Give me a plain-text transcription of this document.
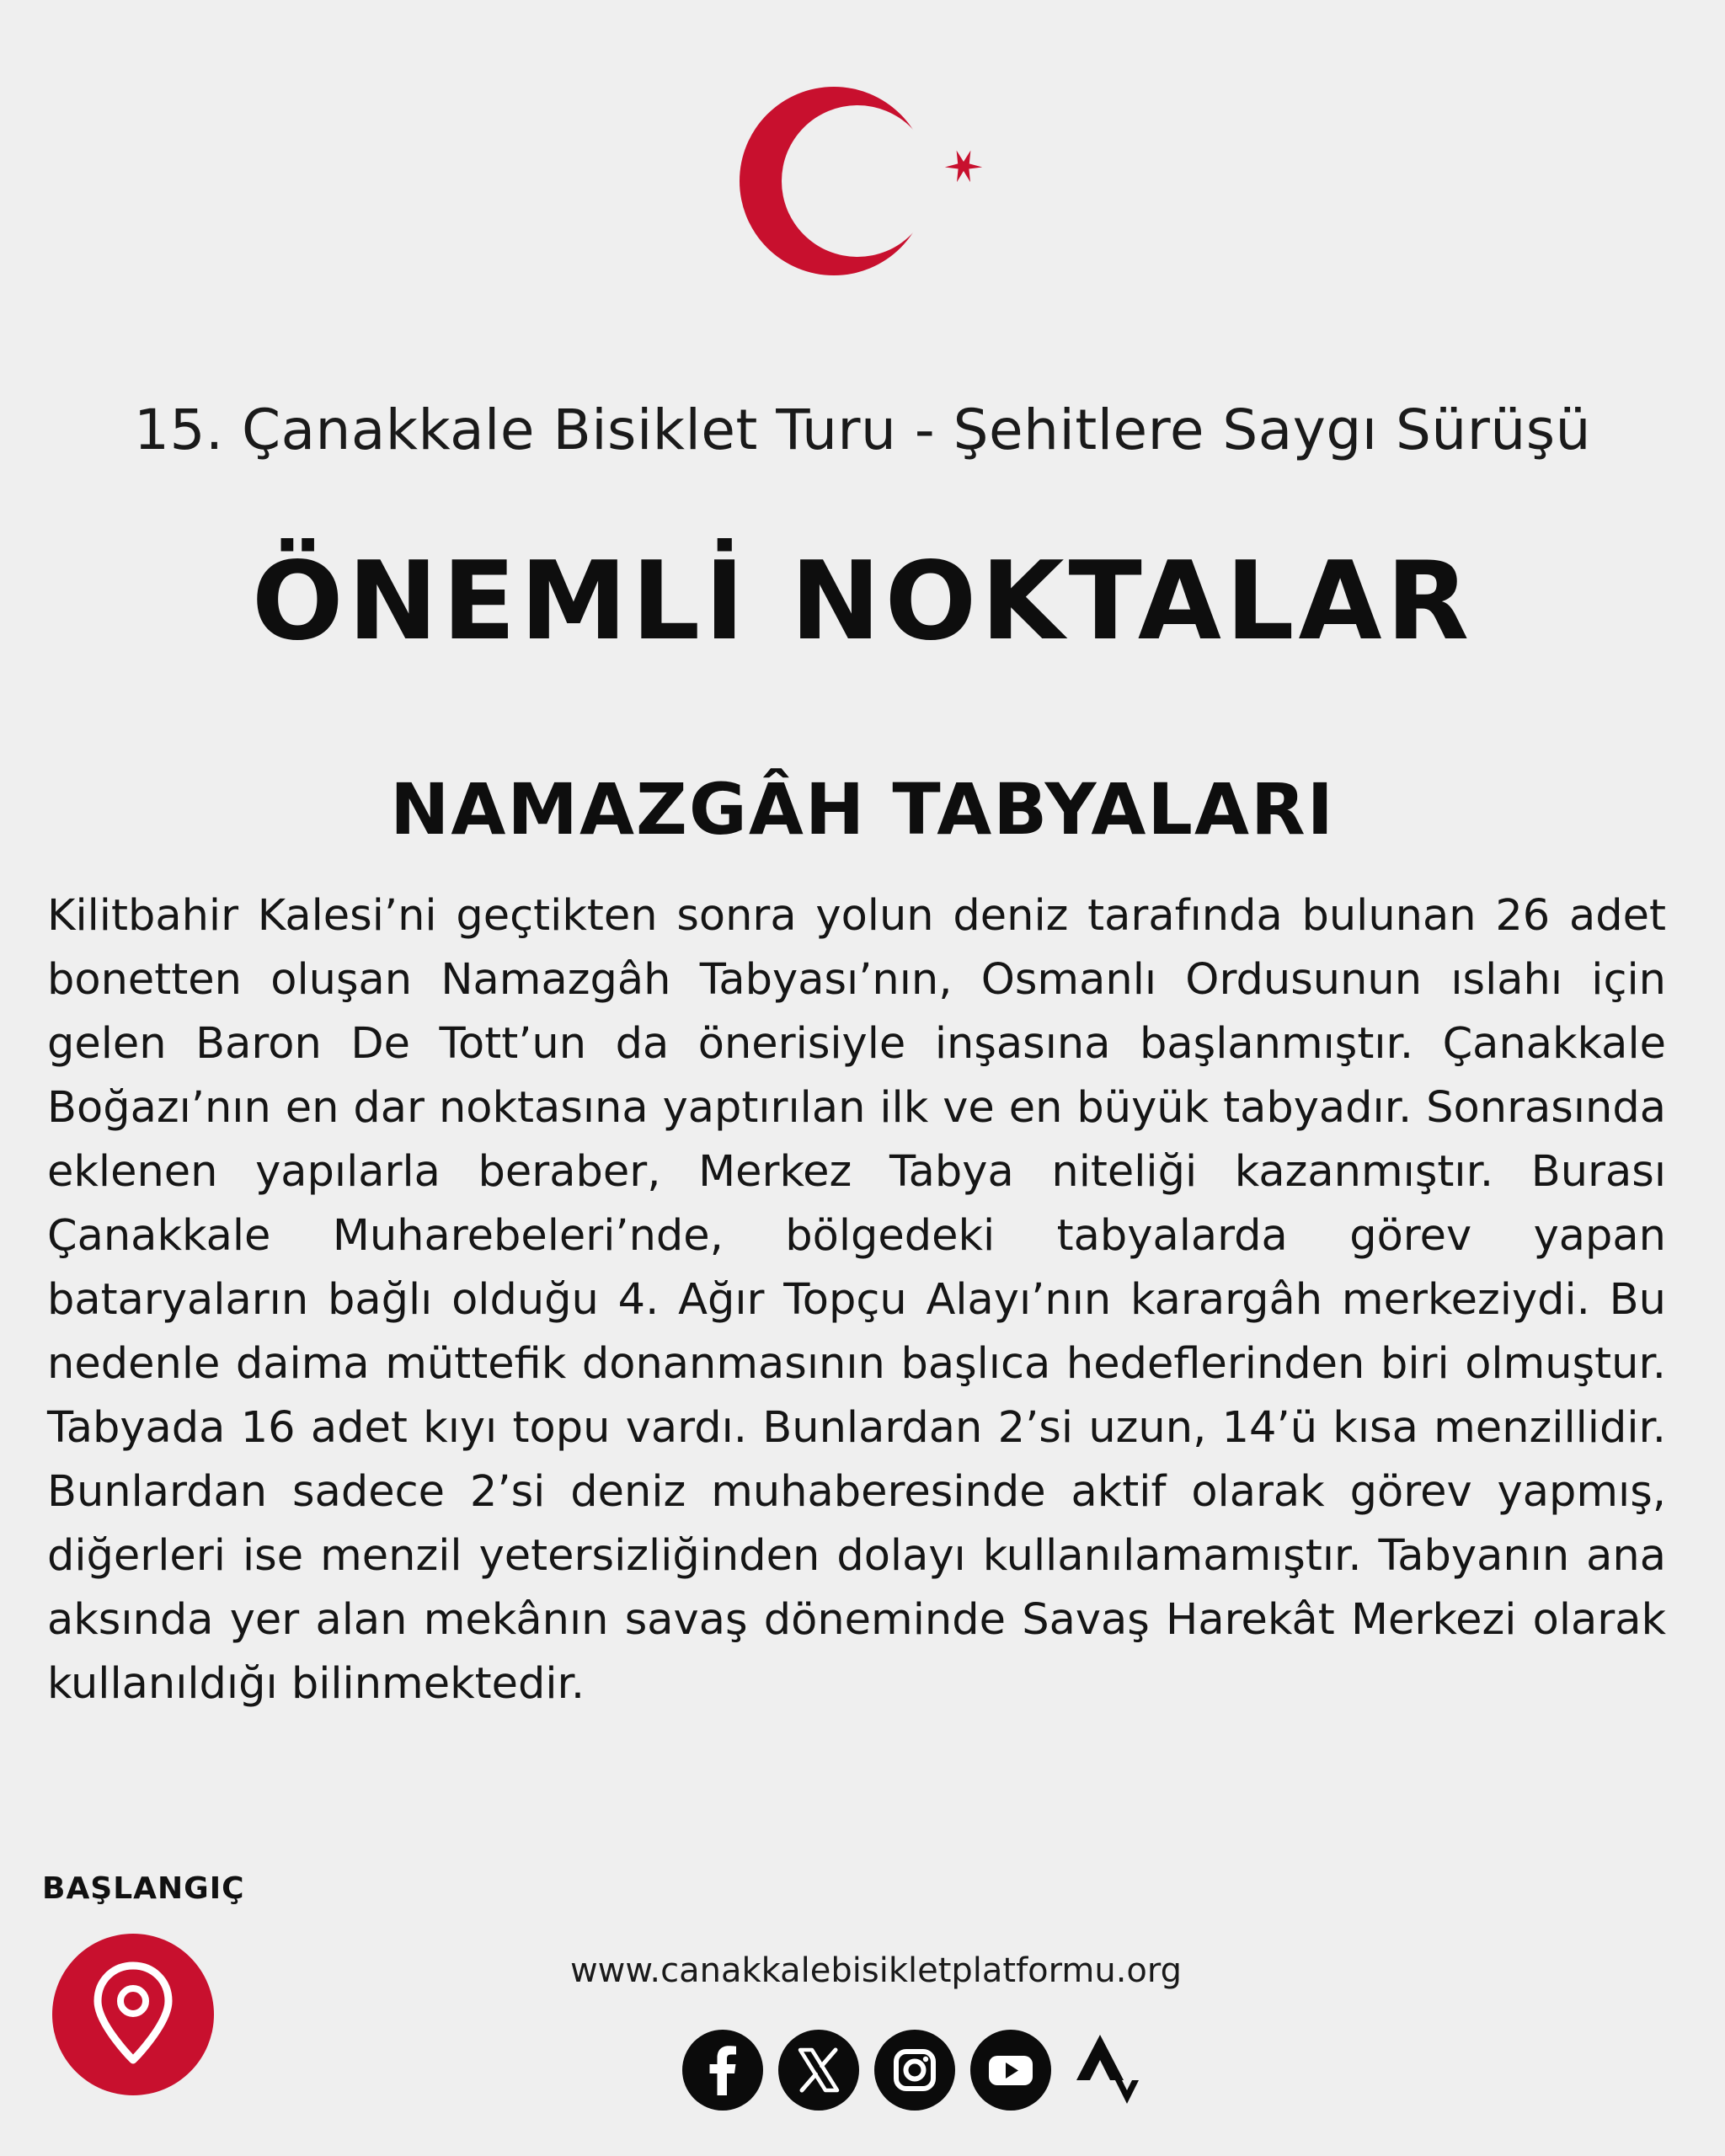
15. Çanakkale Bisiklet Turu - Şehitlere Saygı Sürüşü
ÖNEMLİ NOKTALAR
NAMAZGÂH TABYALARI
Kilitbahir Kalesi’ni geçtikten sonra yolun deniz tarafında bulunan 26 adet bonetten oluşan Namazgâh Tabyası’nın, Osmanlı Ordusunun ıslahı için gelen Baron De Tott’un da önerisiyle inşasına başlanmıştır. Çanakkale Boğazı’nın en dar noktasına yaptırılan ilk ve en büyük tabyadır. Sonrasında eklenen yapılarla beraber, Merkez Tabya niteliği kazanmıştır. Burası Çanakkale Muharebeleri’nde, bölgedeki tabyalarda görev yapan bataryaların bağlı olduğu 4. Ağır Topçu Alayı’nın karargâh merkeziydi. Bu nedenle daima müttefik donanmasının başlıca hedeflerinden biri olmuştur. Tabyada 16 adet kıyı topu vardı. Bunlardan 2’si uzun, 14’ü kısa menzillidir. Bunlardan sadece 2’si deniz muhaberesinde aktif olarak görev yapmış, diğerleri ise menzil yetersizliğinden dolayı kullanılamamıştır. Tabyanın ana aksında yer alan mekânın savaş döneminde Savaş Harekât Merkezi olarak kullanıldığı bilinmektedir.
BAŞLANGIÇ
www.canakkalebisikletplatformu.org
